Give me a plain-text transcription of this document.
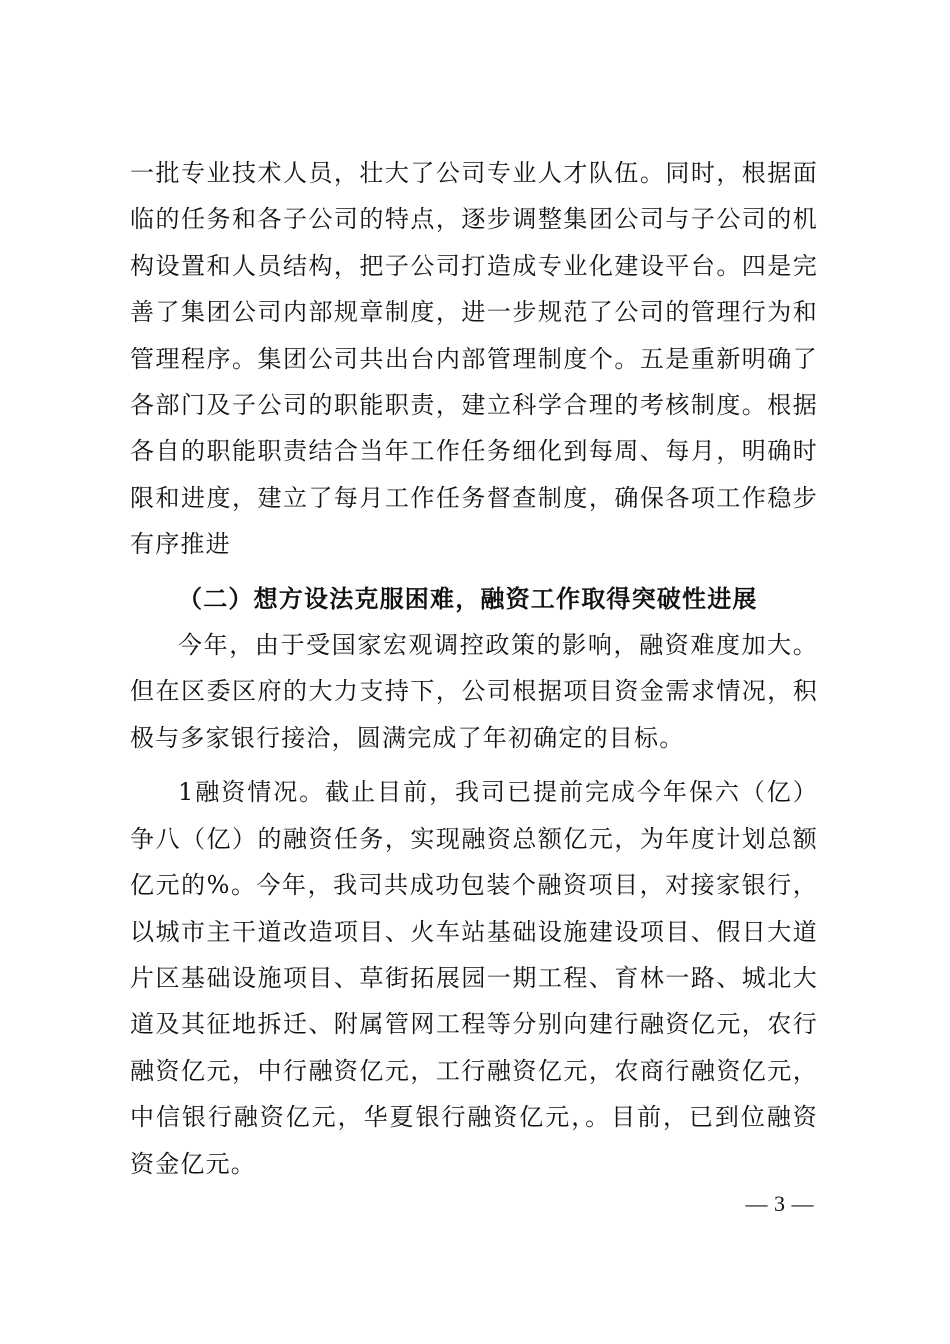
一批专业技术人员，壮大了公司专业人才队伍。同时，根据面临的任务和各子公司的特点，逐步调整集团公司与子公司的机构设置和人员结构，把子公司打造成专业化建设平台。四是完善了集团公司内部规章制度，进一步规范了公司的管理行为和管理程序。集团公司共出台内部管理制度个。五是重新明确了各部门及子公司的职能职责，建立科学合理的考核制度。根据各自的职能职责结合当年工作任务细化到每周、每月，明确时限和进度，建立了每月工作任务督查制度，确保各项工作稳步有序推进

（二）想方设法克服困难，融资工作取得突破性进展

今年，由于受国家宏观调控政策的影响，融资难度加大。但在区委区府的大力支持下，公司根据项目资金需求情况，积极与多家银行接洽，圆满完成了年初确定的目标。

1融资情况。截止目前，我司已提前完成今年保六（亿）争八（亿）的融资任务，实现融资总额亿元，为年度计划总额亿元的%。今年，我司共成功包装个融资项目，对接家银行，以城市主干道改造项目、火车站基础设施建设项目、假日大道片区基础设施项目、草街拓展园一期工程、育林一路、城北大道及其征地拆迁、附属管网工程等分别向建行融资亿元，农行融资亿元，中行融资亿元，工行融资亿元，农商行融资亿元，中信银行融资亿元，华夏银行融资亿元，。目前，已到位融资资金亿元。

— 3 —
